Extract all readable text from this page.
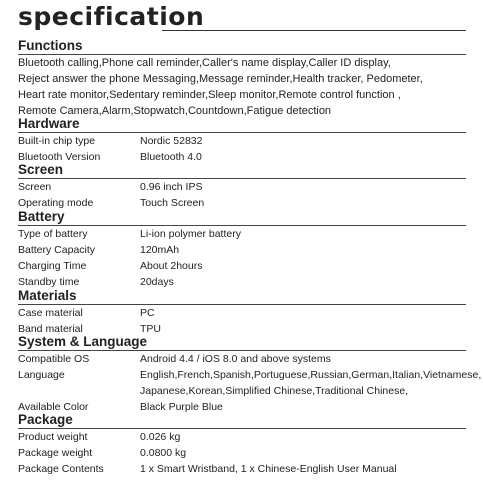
specification
Functions
Bluetooth calling,Phone call reminder,Caller's name display,Caller ID display,
Reject answer the phone Messaging,Message reminder,Health tracker, Pedometer,
Heart rate monitor,Sedentary reminder,Sleep monitor,Remote control function ,
Remote Camera,Alarm,Stopwatch,Countdown,Fatigue detection
Hardware
Built-in chip type	Nordic 52832
Bluetooth Version	Bluetooth 4.0
Screen
Screen	0.96 inch IPS
Operating mode	Touch Screen
Battery
Type of battery	Li-ion polymer battery
Battery Capacity	120mAh
Charging Time	About 2hours
Standby time	20days
Materials
Case material	PC
Band material	TPU
System & Language
Compatible OS	Android 4.4 / iOS 8.0 and above systems
Language	English,French,Spanish,Portuguese,Russian,German,Italian,Vietnamese,
Japanese,Korean,Simplified Chinese,Traditional Chinese,
Available Color	Black Purple Blue
Package
Product weight	0.026 kg
Package weight	0.0800 kg
Package Contents	1 x Smart Wristband, 1 x Chinese-English User Manual
